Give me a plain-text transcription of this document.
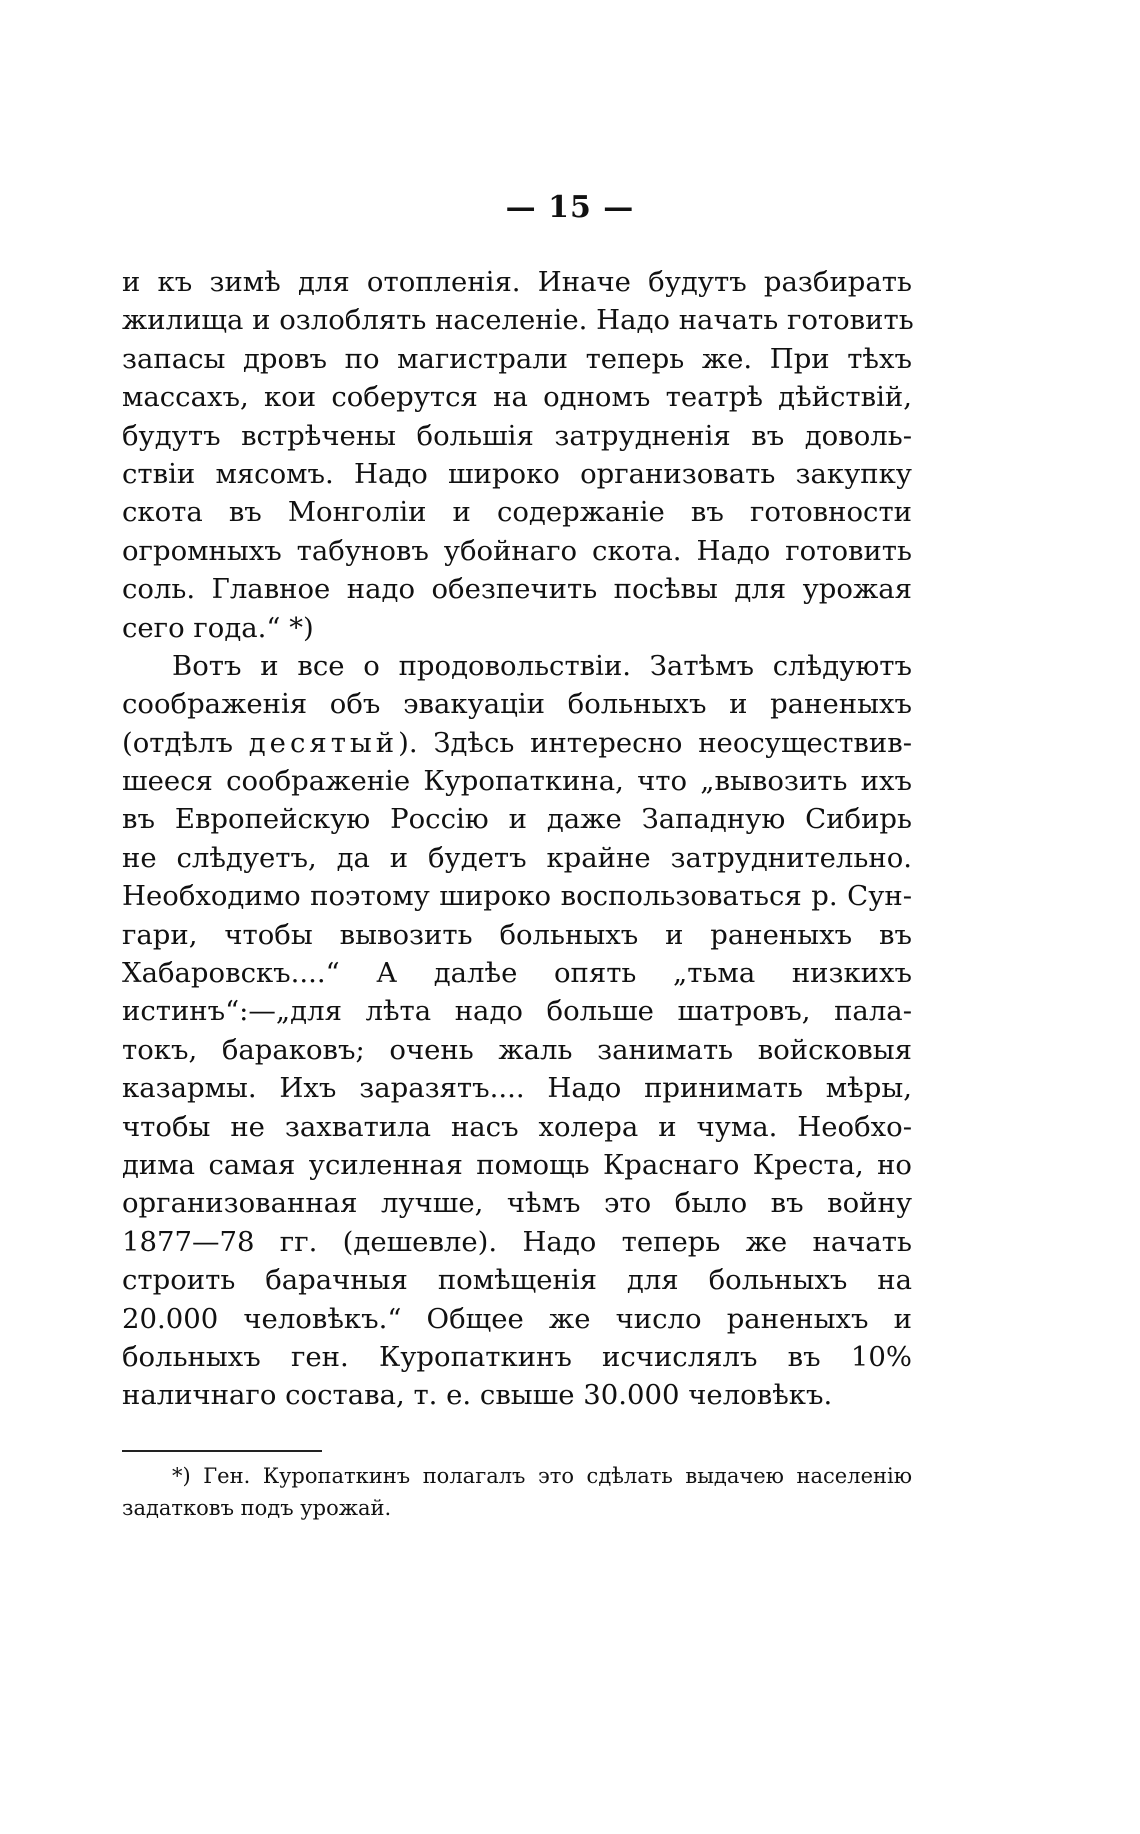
— 15 —
и къ зимѣ для отопленія. Иначе будутъ разбирать
жилища и озлоблять населеніе. Надо начать готовить
запасы дровъ по магистрали теперь же. При тѣхъ
массахъ, кои соберутся на одномъ театрѣ дѣйствій,
будутъ встрѣчены большія затрудненія въ доволь-
ствіи мясомъ. Надо широко организовать закупку
скота въ Монголіи и содержаніе въ готовности
огромныхъ табуновъ убойнаго скота. Надо готовить
соль. Главное надо обезпечить посѣвы для урожая
сего года.“ *)
Вотъ и все о продовольствіи. Затѣмъ слѣдуютъ
соображенія объ эвакуаціи больныхъ и раненыхъ
(отдѣлъ десятый). Здѣсь интересно неосуществив-
шееся соображеніе Куропаткина, что „вывозить ихъ
въ Европейскую Россію и даже Западную Сибирь
не слѣдуетъ, да и будетъ крайне затруднительно.
Необходимо поэтому широко воспользоваться р. Сун-
гари, чтобы вывозить больныхъ и раненыхъ въ
Хабаровскъ....“ А далѣе опять „тьма низкихъ
истинъ“:—„для лѣта надо больше шатровъ, пала-
токъ, бараковъ; очень жаль занимать войсковыя
казармы. Ихъ заразятъ.... Надо принимать мѣры,
чтобы не захватила насъ холера и чума. Необхо-
дима самая усиленная помощь Краснаго Креста, но
организованная лучше, чѣмъ это было въ войну
1877—78 гг. (дешевле). Надо теперь же начать
строить барачныя помѣщенія для больныхъ на
20.000 человѣкъ.“ Общее же число раненыхъ и
больныхъ ген. Куропаткинъ исчислялъ въ 10%
наличнаго состава, т. е. свыше 30.000 человѣкъ.
*) Ген. Куропаткинъ полагалъ это сдѣлать выдачею населенію
задатковъ подъ урожай.
